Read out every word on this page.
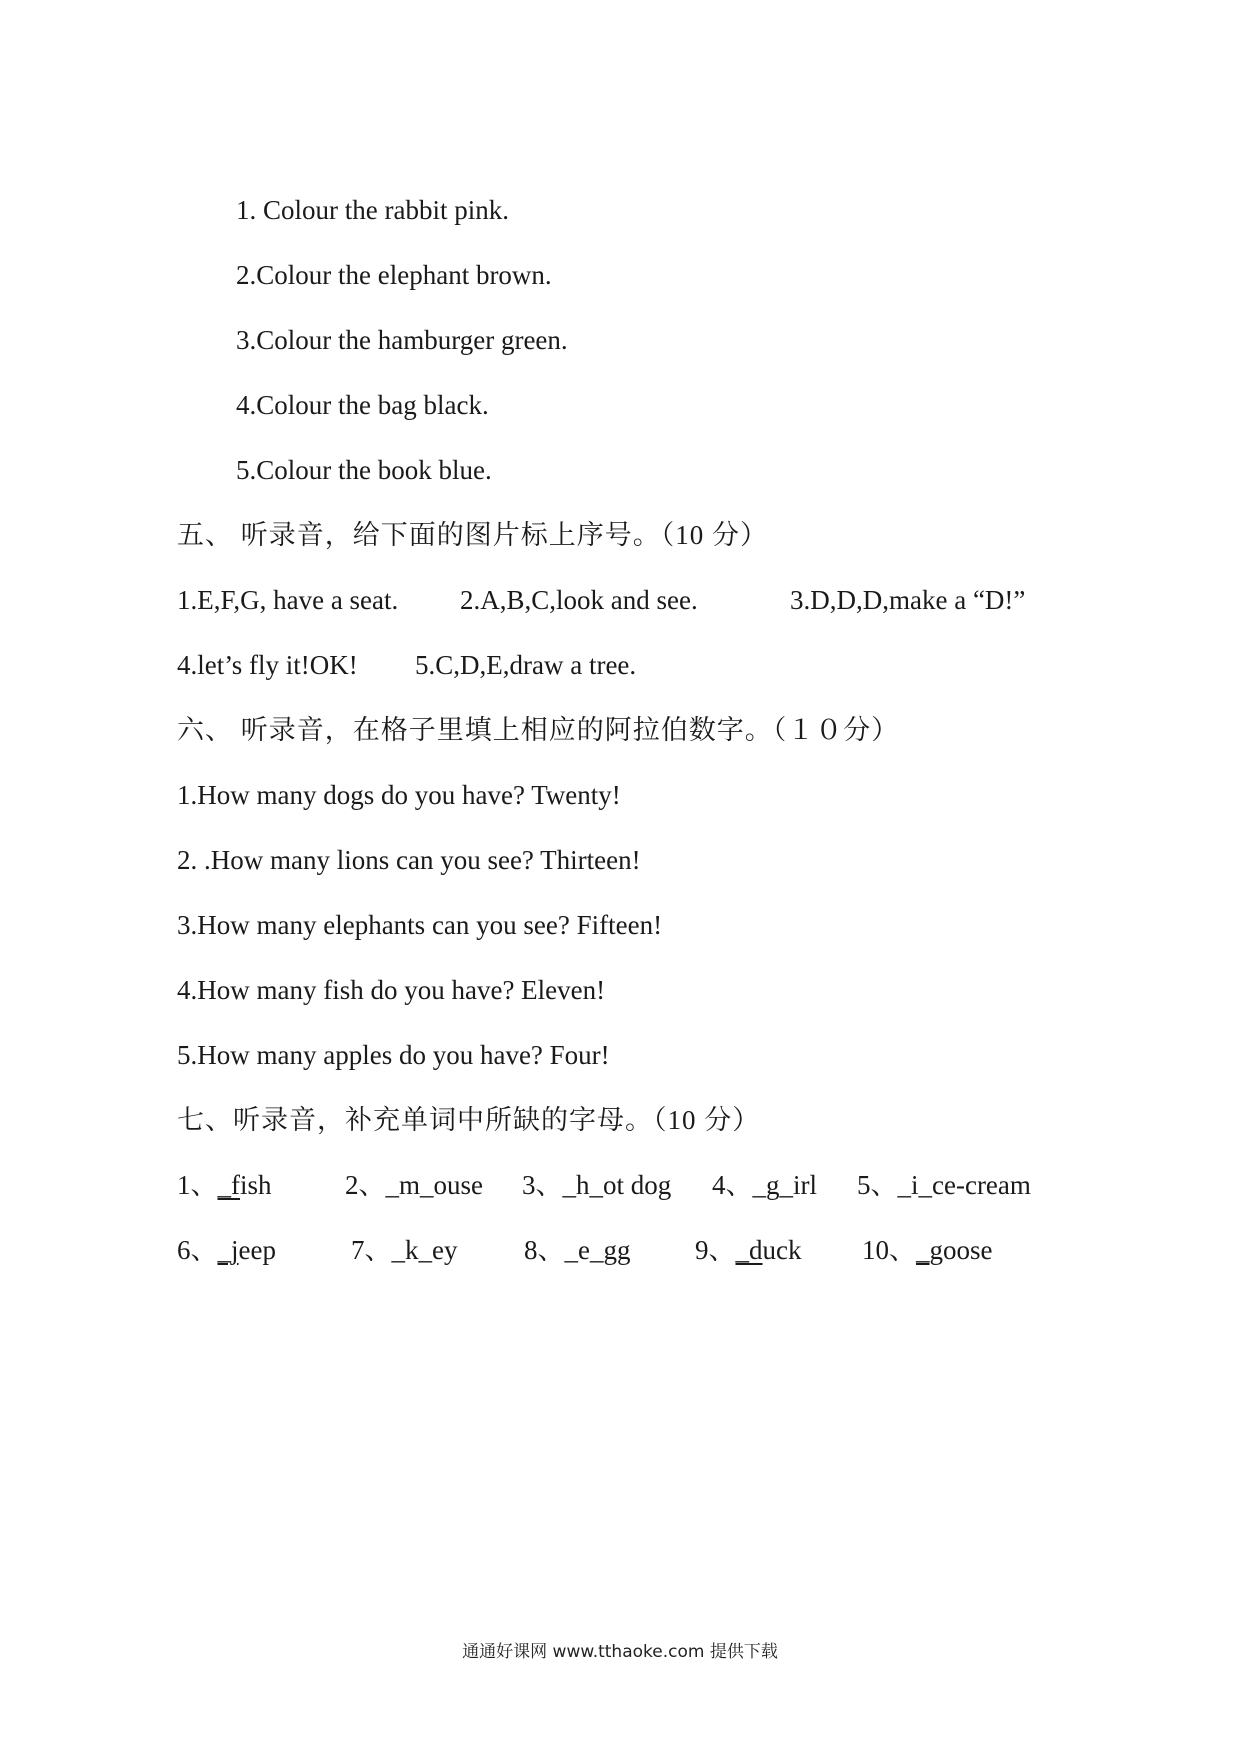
1. Colour the rabbit pink.
2.Colour the elephant brown.
3.Colour the hamburger green.
4.Colour the bag black.
5.Colour the book blue.
五、 听录音，给下面的图片标上序号。（10 分）
1.E,F,G, have a seat. 2.A,B,C,look and see.	3.D,D,D,make a “D!”
4.let’s fly it!OK! 5.C,D,E,draw a tree.
六、 听录音，在格子里填上相应的阿拉伯数字。（１０分）
1.How many dogs do you have? Twenty!
2. .How many lions can you see? Thirteen!
3.How many elephants can you see? Fifteen!
4.How many fish do you have? Eleven!
5.How many apples do you have? Four!
七、听录音，补充单词中所缺的字母。（10 分）
1、_fish	2、_m_ouse 3、_h_ot dog 4、_g_irl 5、_i_ce-cream
6、_jeep	7、_k_ey 8、_e_gg 9、_duck 10、_goose
通通好课网 www.tthaoke.com 提供下载
